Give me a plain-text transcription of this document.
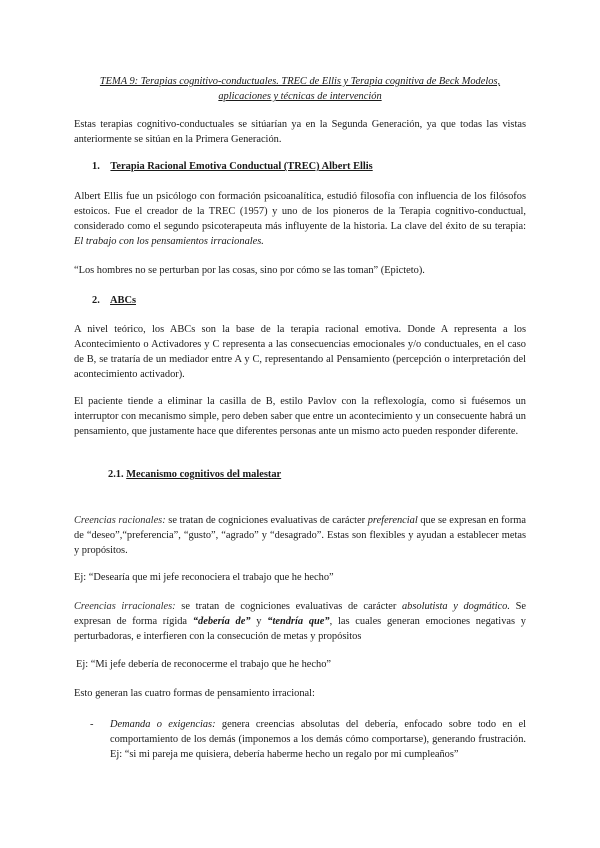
TEMA 9: Terapias cognitivo-conductuales. TREC de Ellis y Terapia cognitiva de Beck Modelos,
aplicaciones y técnicas de intervención

Estas terapias cognitivo-conductuales se sitúarían ya en la Segunda Generación, ya que todas las vistas anteriormente se sitúan en la Primera Generación.

1. Terapia Racional Emotiva Conductual (TREC) Albert Ellis

Albert Ellis fue un psicólogo con formación psicoanalítica, estudió filosofía con influencia de los filósofos estoicos. Fue el creador de la TREC (1957) y uno de los pioneros de la Terapia cognitivo-conductual, considerado como el segundo psicoterapeuta más influyente de la historia. La clave del éxito de su terapia: El trabajo con los pensamientos irracionales.

“Los hombres no se perturban por las cosas, sino por cómo se las toman” (Epicteto).

2. ABCs

A nivel teórico, los ABCs son la base de la terapia racional emotiva. Donde A representa a los Acontecimiento o Activadores y C representa a las consecuencias emocionales y/o conductuales, en el caso de B, se trataría de un mediador entre A y C, representando al Pensamiento (percepción o interpretación del acontecimiento activador).

El paciente tiende a eliminar la casilla de B, estilo Pavlov con la reflexología, como si fuésemos un interruptor con mecanismo simple, pero deben saber que entre un acontecimiento y un consecuente habrá un pensamiento, que justamente hace que diferentes personas ante un mismo acto pueden responder diferente.

2.1. Mecanismo cognitivos del malestar

Creencias racionales: se tratan de cogniciones evaluativas de carácter preferencial que se expresan en forma de “deseo”,“preferencia”, “gusto”, “agrado” y “desagrado”. Estas son flexibles y ayudan a establecer metas y propósitos.

Ej: “Desearía que mi jefe reconociera el trabajo que he hecho”

Creencias irracionales: se tratan de cogniciones evaluativas de carácter absolutista y dogmático. Se expresan de forma rígida “debería de” y “tendría que”, las cuales generan emociones negativas y perturbadoras, e interfieren con la consecución de metas y propósitos

Ej: “Mi jefe debería de reconocerme el trabajo que he hecho”

Esto generan las cuatro formas de pensamiento irracional:

- Demanda o exigencias: genera creencias absolutas del debería, enfocado sobre todo en el comportamiento de los demás (imponemos a los demás cómo comportarse), generando frustración. Ej: “si mi pareja me quisiera, debería haberme hecho un regalo por mi cumpleaños”
